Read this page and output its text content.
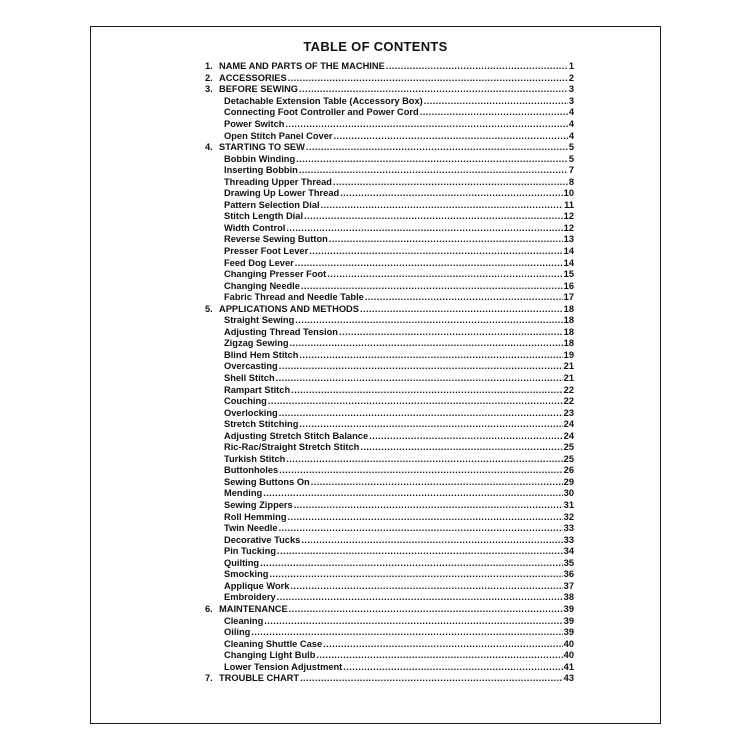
TABLE OF CONTENTS
1. NAME AND PARTS OF THE MACHINE .....	1
2. ACCESSORIES .....	2
3. BEFORE SEWING .....	3
Detachable Extension Table (Accessory Box) .....	3
Connecting Foot Controller and Power Cord .....	4
Power Switch .....	4
Open Stitch Panel Cover .....	4
4. STARTING TO SEW .....	5
Bobbin Winding .....	5
Inserting Bobbin .....	7
Threading Upper Thread .....	8
Drawing Up Lower Thread .....	10
Pattern Selection Dial .....	11
Stitch Length Dial .....	12
Width Control .....	12
Reverse Sewing Button .....	13
Presser Foot Lever .....	14
Feed Dog Lever .....	14
Changing Presser Foot .....	15
Changing Needle .....	16
Fabric Thread and Needle Table .....	17
5. APPLICATIONS AND METHODS .....	18
Straight Sewing .....	18
Adjusting Thread Tension .....	18
Zigzag Sewing .....	18
Blind Hem Stitch .....	19
Overcasting .....	21
Shell Stitch .....	21
Rampart Stitch .....	22
Couching .....	22
Overlocking .....	23
Stretch Stitching .....	24
Adjusting Stretch Stitch Balance .....	24
Ric-Rac/Straight Stretch Stitch .....	25
Turkish Stitch .....	25
Buttonholes .....	26
Sewing Buttons On .....	29
Mending .....	30
Sewing Zippers .....	31
Roll Hemming .....	32
Twin Needle .....	33
Decorative Tucks .....	33
Pin Tucking .....	34
Quilting .....	35
Smocking .....	36
Applique Work .....	37
Embroidery .....	38
6. MAINTENANCE .....	39
Cleaning .....	39
Oiling .....	39
Cleaning Shuttle Case .....	40
Changing Light Bulb .....	40
Lower Tension Adjustment .....	41
7. TROUBLE CHART .....	43
